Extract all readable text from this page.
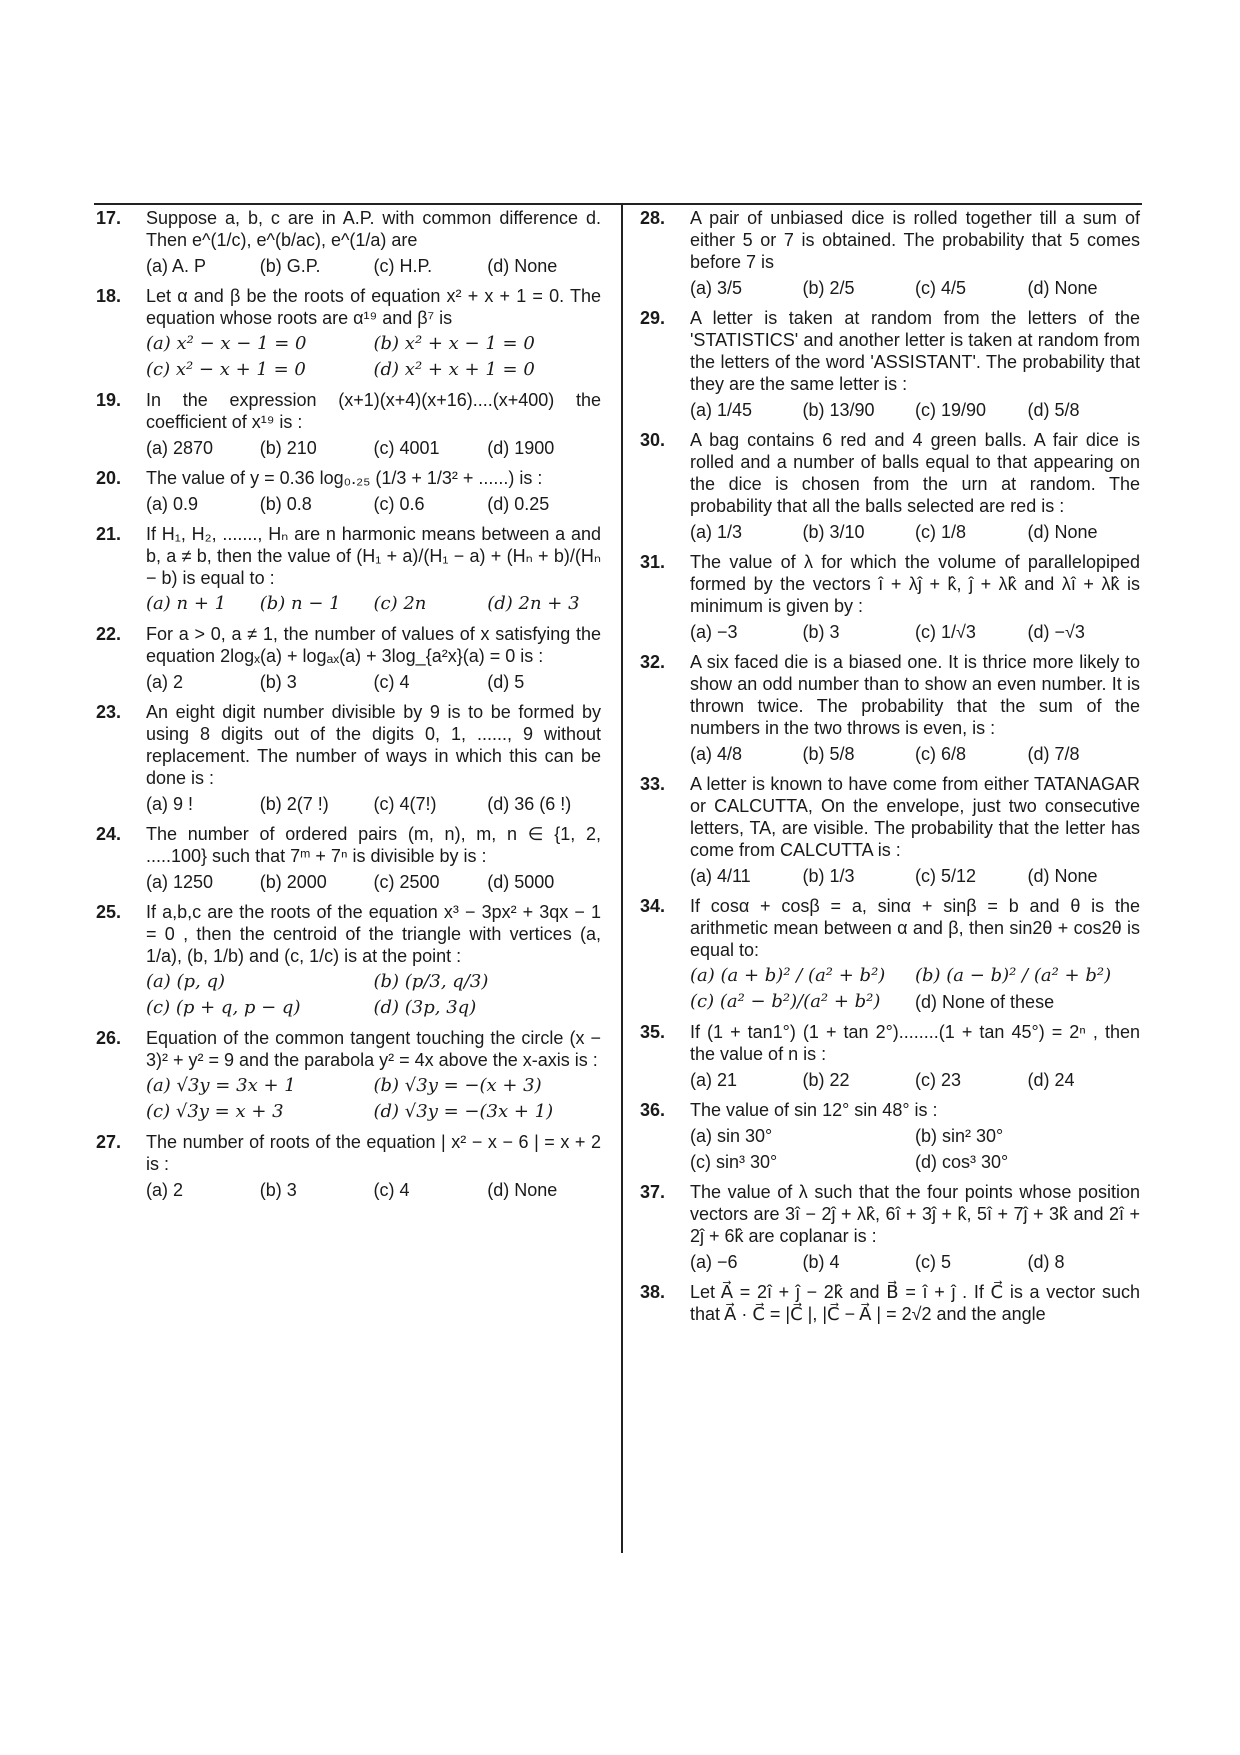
17. Suppose a, b, c are in A.P. with common difference d. Then e^(1/c), e^(b/ac), e^(1/a) are

(a) A. P	(b) G.P.	(c) H.P.	(d) None
18. Let α and β be the roots of equation x² + x + 1 = 0. The equation whose roots are α¹⁹ and β⁷ is

(a) x² − x − 1 = 0	(b) x² + x − 1 = 0
(c) x² − x + 1 = 0	(d) x² + x + 1 = 0
19. In the expression (x+1)(x+4)(x+16)....(x+400) the coefficient of x¹⁹ is :

(a) 2870	(b) 210	(c) 4001	(d) 1900
20. The value of y = 0.36 log₀.₂₅ (1/3 + 1/3² + ......) is :

(a) 0.9	(b) 0.8	(c) 0.6	(d) 0.25
21. If H₁, H₂, ......., Hₙ are n harmonic means between a and b, a ≠ b, then the value of (H₁ + a)/(H₁ − a) + (Hₙ + b)/(Hₙ − b) is equal to :

(a) n + 1	(b) n − 1	(c) 2n	(d) 2n + 3
22. For a > 0, a ≠ 1, the number of values of x satisfying the equation 2logₓ(a) + logₐₓ(a) + 3log_{a²x}(a) = 0 is :

(a) 2	(b) 3	(c) 4	(d) 5
23. An eight digit number divisible by 9 is to be formed by using 8 digits out of the digits 0, 1, ......, 9 without replacement. The number of ways in which this can be done is :

(a) 9 !	(b) 2(7 !)	(c) 4(7!)	(d) 36 (6 !)
24. The number of ordered pairs (m, n), m, n ∈ {1, 2, .....100} such that 7ᵐ + 7ⁿ is divisible by is :

(a) 1250	(b) 2000	(c) 2500	(d) 5000
25. If a,b,c are the roots of the equation x³ − 3px² + 3qx − 1 = 0 , then the centroid of the triangle with vertices (a, 1/a), (b, 1/b) and (c, 1/c) is at the point :

(a) (p, q)	(b) (p/3, q/3)
(c) (p + q, p − q)	(d) (3p, 3q)
26. Equation of the common tangent touching the circle (x − 3)² + y² = 9 and the parabola y² = 4x above the x-axis is :

(a) √3y = 3x + 1	(b) √3y = −(x + 3)
(c) √3y = x + 3	(d) √3y = −(3x + 1)
27. The number of roots of the equation | x² − x − 6 | = x + 2 is :

(a) 2	(b) 3	(c) 4	(d) None
28. A pair of unbiased dice is rolled together till a sum of either 5 or 7 is obtained. The probability that 5 comes before 7 is

(a) 3/5	(b) 2/5	(c) 4/5	(d) None
29. A letter is taken at random from the letters of the 'STATISTICS' and another letter is taken at random from the letters of the word 'ASSISTANT'. The probability that they are the same letter is :

(a) 1/45	(b) 13/90	(c) 19/90	(d) 5/8
30. A bag contains 6 red and 4 green balls. A fair dice is rolled and a number of balls equal to that appearing on the dice is chosen from the urn at random. The probability that all the balls selected are red is :

(a) 1/3	(b) 3/10	(c) 1/8	(d) None
31. The value of λ for which the volume of parallelopiped formed by the vectors î + λĵ + k̂, ĵ + λk̂ and λî + λk̂ is minimum is given by :

(a) −3	(b) 3	(c) 1/√3	(d) −√3
32. A six faced die is a biased one. It is thrice more likely to show an odd number than to show an even number. It is thrown twice. The probability that the sum of the numbers in the two throws is even, is :

(a) 4/8	(b) 5/8	(c) 6/8	(d) 7/8
33. A letter is known to have come from either TATANAGAR or CALCUTTA, On the envelope, just two consecutive letters, TA, are visible. The probability that the letter has come from CALCUTTA is :

(a) 4/11	(b) 1/3	(c) 5/12	(d) None
34. If cosα + cosβ = a, sinα + sinβ = b and θ is the arithmetic mean between α and β, then sin2θ + cos2θ is equal to:

(a) (a + b)² / (a² + b²)	(b) (a − b)² / (a² + b²)
(c) (a² − b²)/(a² + b²)	(d) None of these
35. If (1 + tan1°) (1 + tan 2°)........(1 + tan 45°) = 2ⁿ , then the value of n is :

(a) 21	(b) 22	(c) 23	(d) 24
36. The value of sin 12° sin 48° is :

(a) sin 30°	(b) sin² 30°
(c) sin³ 30°	(d) cos³ 30°
37. The value of λ such that the four points whose position vectors are 3î − 2ĵ + λk̂, 6î + 3ĵ + k̂, 5î + 7ĵ + 3k̂ and 2î + 2ĵ + 6k̂ are coplanar is :

(a) −6	(b) 4	(c) 5	(d) 8
38. Let A⃗ = 2î + ĵ − 2k̂ and B⃗ = î + ĵ . If C⃗ is a vector such that A⃗ · C⃗ = |C⃗ |, |C⃗ − A⃗ | = 2√2 and the angle
